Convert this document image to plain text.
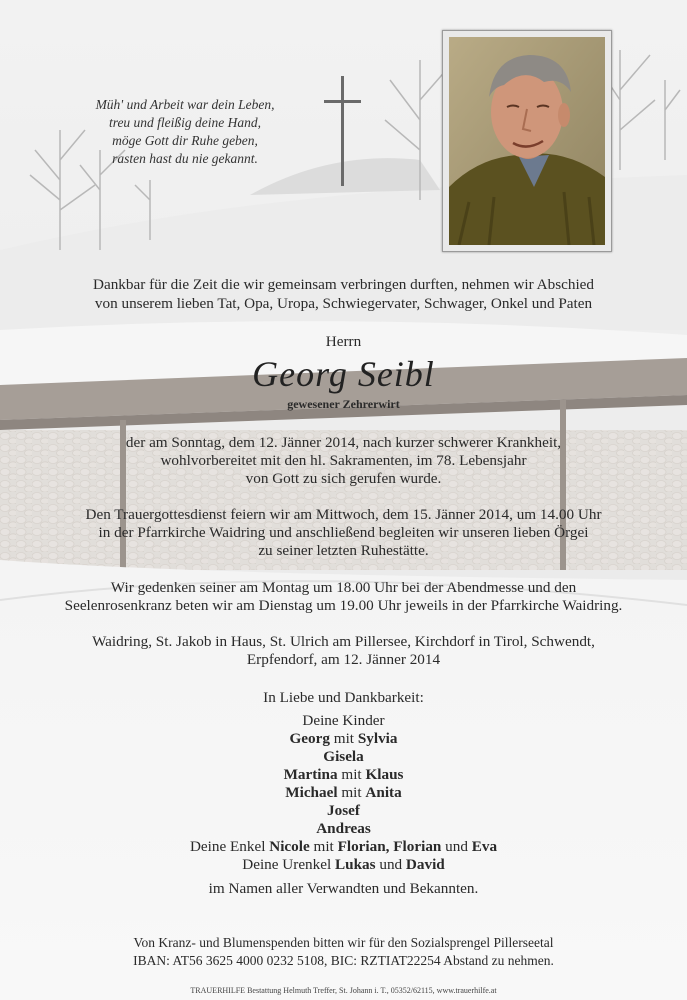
Müh' und Arbeit war dein Leben,
treu und fleißig deine Hand,
möge Gott dir Ruhe geben,
rasten hast du nie gekannt.
Dankbar für die Zeit die wir gemeinsam verbringen durften, nehmen wir Abschied
von unserem lieben Tat, Opa, Uropa, Schwiegervater, Schwager, Onkel und Paten
Herrn
Georg Seibl
gewesener Zehrerwirt
der am Sonntag, dem 12. Jänner 2014, nach kurzer schwerer Krankheit,
wohlvorbereitet mit den hl. Sakramenten, im 78. Lebensjahr
von Gott zu sich gerufen wurde.
Den Trauergottesdienst feiern wir am Mittwoch, dem 15. Jänner 2014, um 14.00 Uhr
in der Pfarrkirche Waidring und anschließend begleiten wir unseren lieben Örgei
zu seiner letzten Ruhestätte.
Wir gedenken seiner am Montag um 18.00 Uhr bei der Abendmesse und den
Seelenrosenkranz beten wir am Dienstag um 19.00 Uhr jeweils in der Pfarrkirche Waidring.
Waidring, St. Jakob in Haus, St. Ulrich am Pillersee, Kirchdorf in Tirol, Schwendt,
Erpfendorf, am 12. Jänner 2014
In Liebe und Dankbarkeit:
Deine Kinder
Georg mit Sylvia
Gisela
Martina mit Klaus
Michael mit Anita
Josef
Andreas
Deine Enkel Nicole mit Florian, Florian und Eva
Deine Urenkel Lukas und David
im Namen aller Verwandten und Bekannten.
Von Kranz- und Blumenspenden bitten wir für den Sozialsprengel Pillerseetal
IBAN: AT56 3625 4000 0232 5108, BIC: RZTIAT22254 Abstand zu nehmen.
TRAUERHILFE Bestattung Helmuth Treffer, St. Johann i. T., 05352/62115, www.trauerhilfe.at
